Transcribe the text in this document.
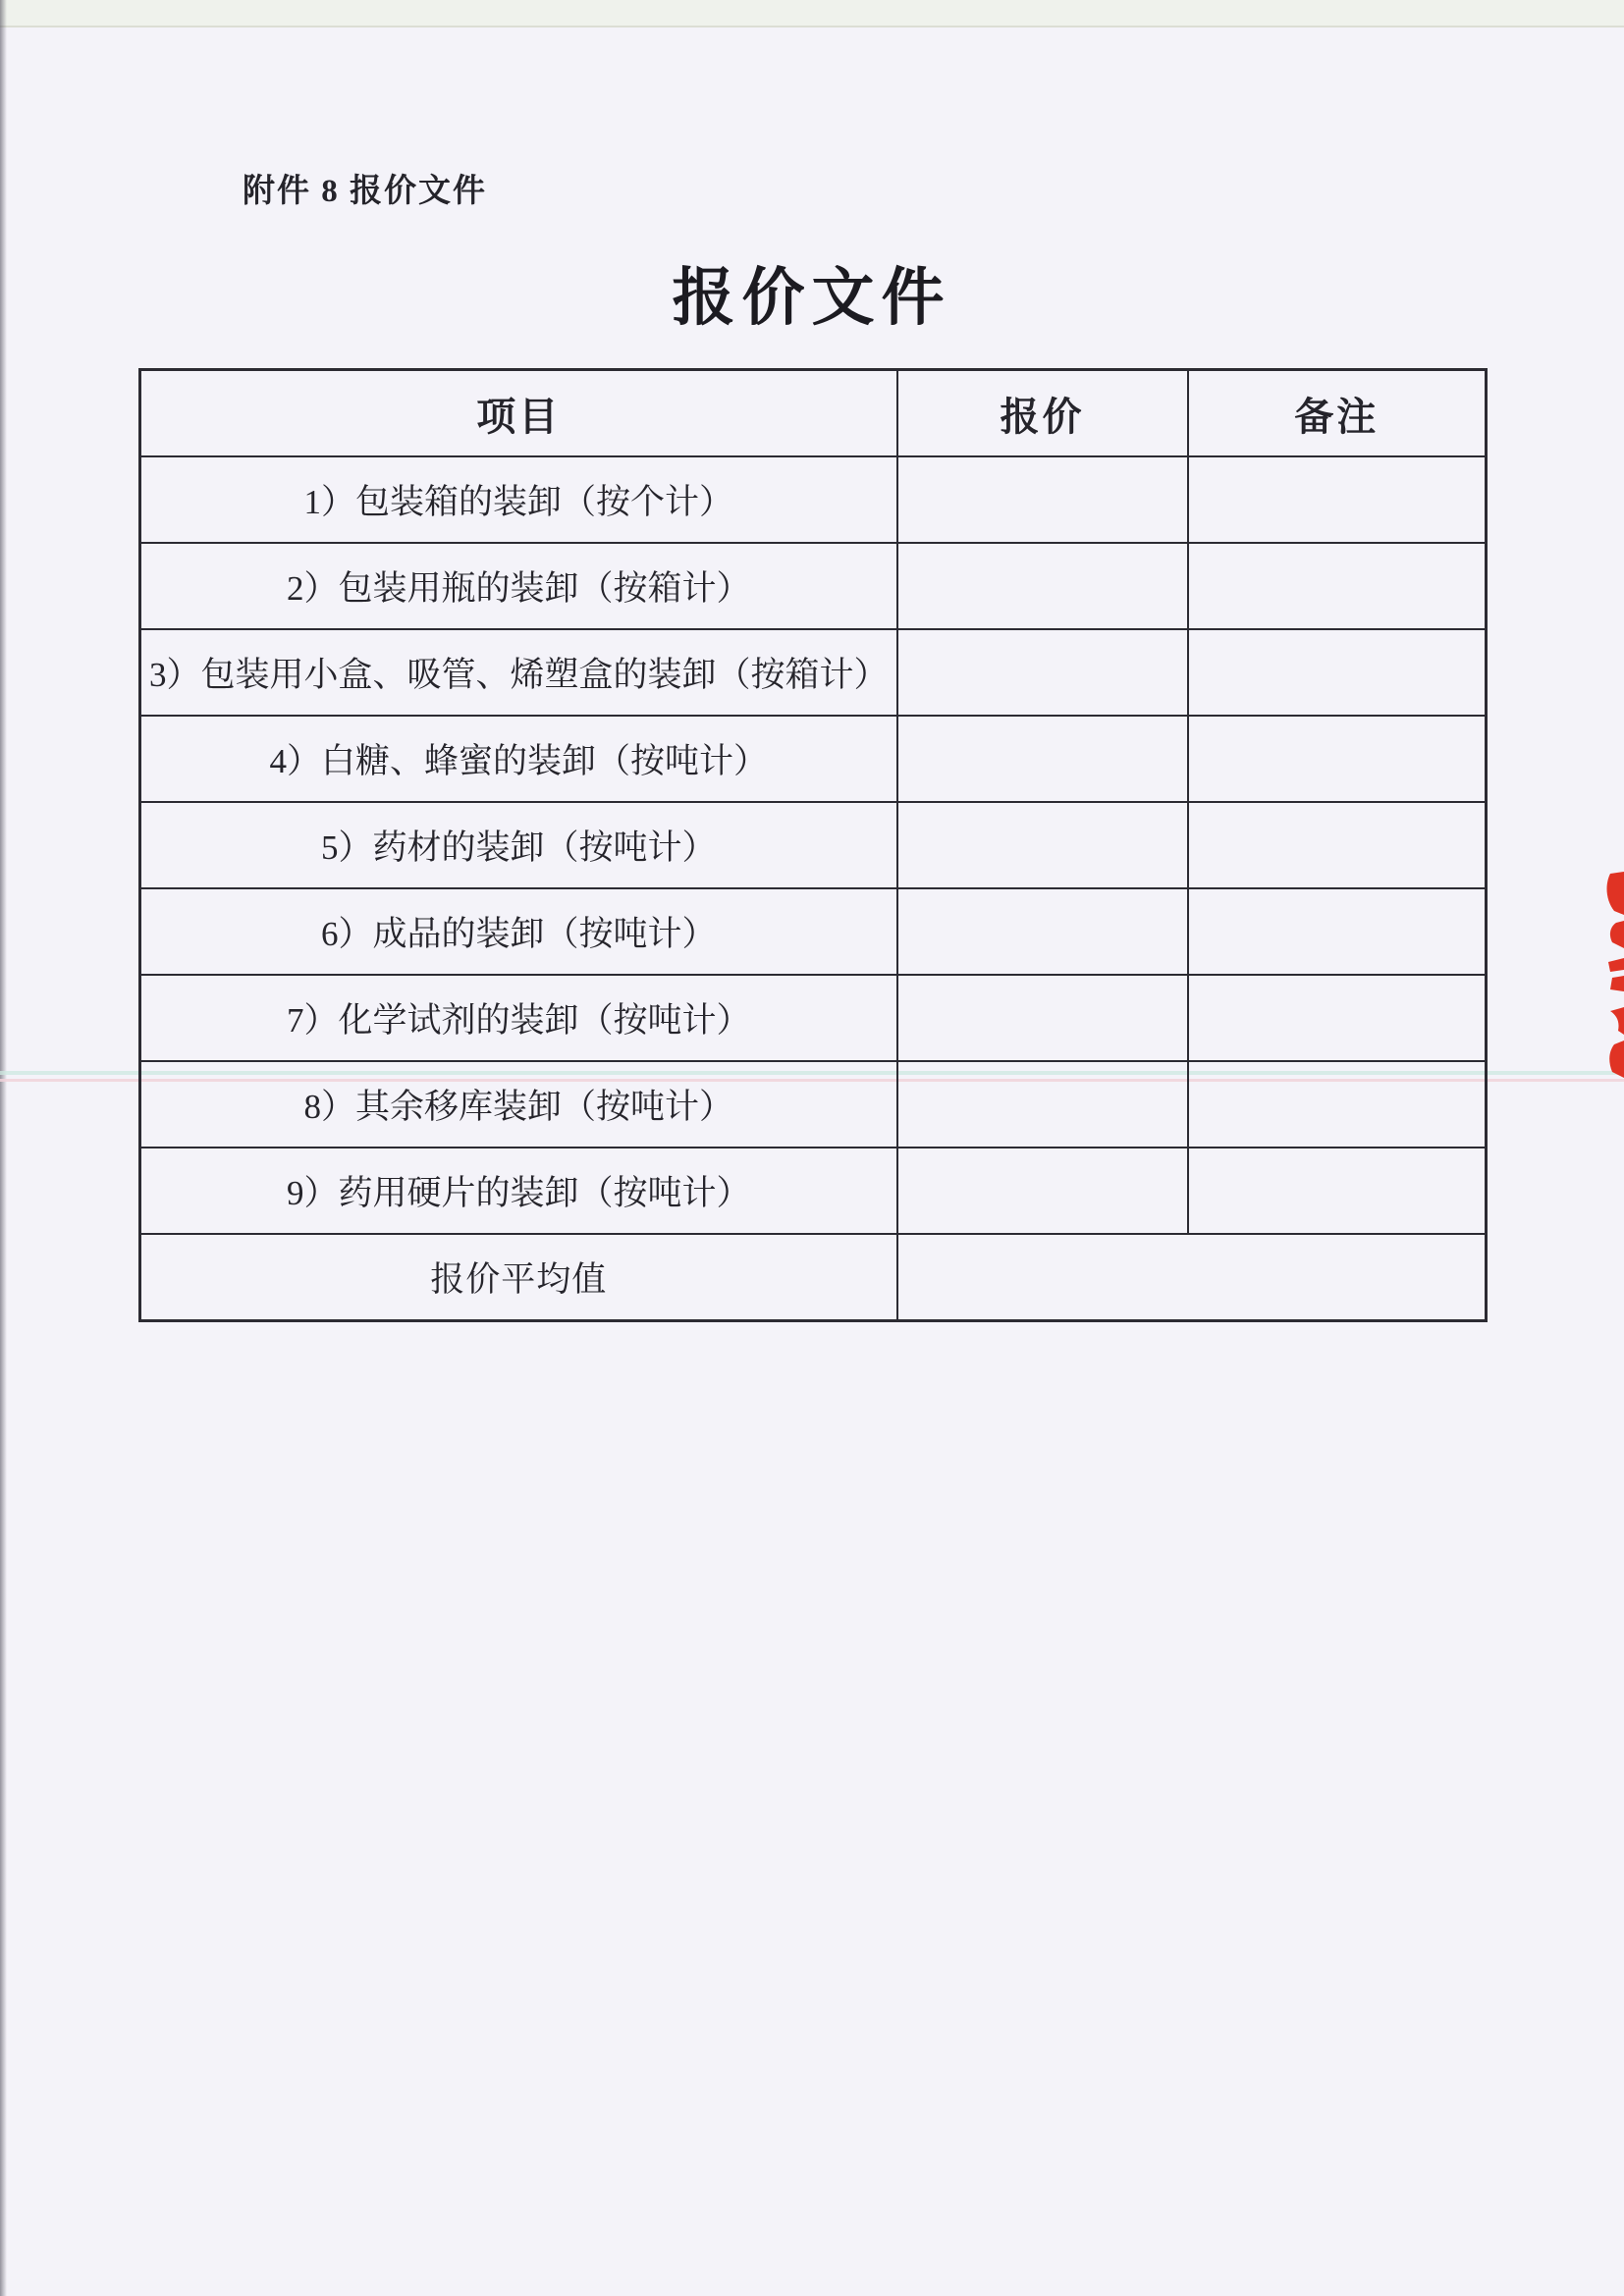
附件 8 报价文件
报价文件
项目	报价	备注
1）包装箱的装卸（按个计）		
2）包装用瓶的装卸（按箱计）		
3）包装用小盒、吸管、烯塑盒的装卸（按箱计）		
4）白糖、蜂蜜的装卸（按吨计）		
5）药材的装卸（按吨计）		
6）成品的装卸（按吨计）		
7）化学试剂的装卸（按吨计）		
8）其余移库装卸（按吨计）		
9）药用硬片的装卸（按吨计）		
报价平均值		
